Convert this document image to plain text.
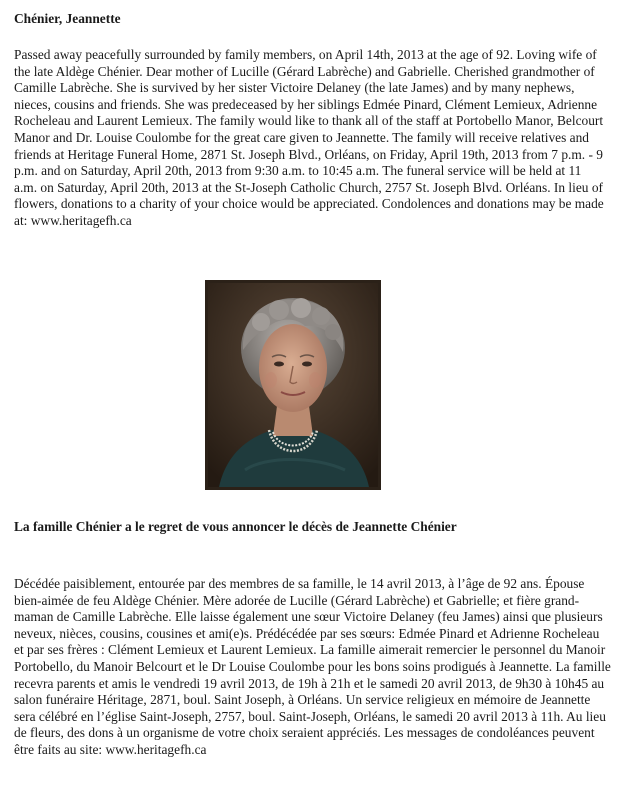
Chénier, Jeannette

Passed away peacefully surrounded by family members, on April 14th, 2013 at the age of 92. Loving wife of the late Aldège Chénier. Dear mother of Lucille (Gérard Labrèche) and Gabrielle. Cherished grandmother of Camille Labrèche. She is survived by her sister Victoire Delaney (the late James) and by many nephews, nieces, cousins and friends. She was predeceased by her siblings Edmée Pinard, Clément Lemieux, Adrienne Rocheleau and Laurent Lemieux. The family would like to thank all of the staff at Portobello Manor, Belcourt Manor and Dr. Louise Coulombe for the great care given to Jeannette. The family will receive relatives and friends at Heritage Funeral Home, 2871 St. Joseph Blvd., Orléans, on Friday, April 19th, 2013 from 7 p.m. - 9 p.m. and on Saturday, April 20th, 2013 from 9:30 a.m. to 10:45 a.m. The funeral service will be held at 11 a.m. on Saturday, April 20th, 2013 at the St-Joseph Catholic Church, 2757 St. Joseph Blvd. Orléans. In lieu of flowers, donations to a charity of your choice would be appreciated. Condolences and donations may be made at: www.heritagefh.ca

La famille Chénier a le regret de vous annoncer le décès de Jeannette Chénier

Décédée paisiblement, entourée par des membres de sa famille, le 14 avril 2013, à l’âge de 92 ans. Épouse bien-aimée de feu Aldège Chénier. Mère adorée de Lucille (Gérard Labrèche) et Gabrielle; et fière grand-maman de Camille Labrèche. Elle laisse également une sœur Victoire Delaney (feu James) ainsi que plusieurs neveux, nièces, cousins, cousines et ami(e)s. Prédécédée par ses sœurs: Edmée Pinard et Adrienne Rocheleau et par ses frères : Clément Lemieux et Laurent Lemieux. La famille aimerait remercier le personnel du Manoir Portobello, du Manoir Belcourt et le Dr Louise Coulombe pour les bons soins prodigués à Jeannette. La famille recevra parents et amis le vendredi 19 avril 2013, de 19h à 21h et le samedi 20 avril 2013, de 9h30 à 10h45 au salon funéraire Héritage, 2871, boul. Saint Joseph, à Orléans. Un service religieux en mémoire de Jeannette sera célébré en l’église Saint-Joseph, 2757, boul. Saint-Joseph, Orléans, le samedi 20 avril 2013 à 11h. Au lieu de fleurs, des dons à un organisme de votre choix seraient appréciés. Les messages de condoléances peuvent être faits au site: www.heritagefh.ca
